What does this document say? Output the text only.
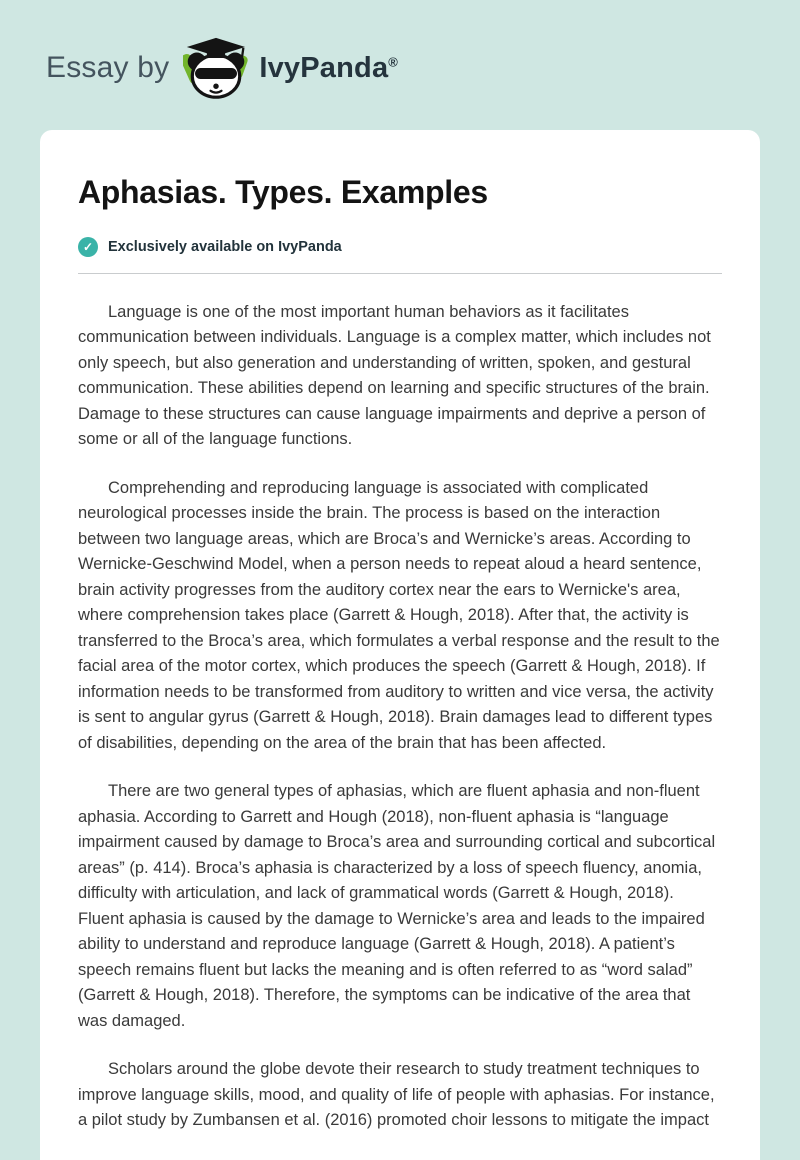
Essay by	IvyPanda®
Aphasias. Types. Examples
✓	Exclusively available on IvyPanda

Language is one of the most important human behaviors as it facilitates communication between individuals. Language is a complex matter, which includes not only speech, but also generation and understanding of written, spoken, and gestural communication. These abilities depend on learning and specific structures of the brain. Damage to these structures can cause language impairments and deprive a person of some or all of the language functions.

Comprehending and reproducing language is associated with complicated neurological processes inside the brain. The process is based on the interaction between two language areas, which are Broca’s and Wernicke’s areas. According to Wernicke-Geschwind Model, when a person needs to repeat aloud a heard sentence, brain activity progresses from the auditory cortex near the ears to Wernicke's area, where comprehension takes place (Garrett & Hough, 2018). After that, the activity is transferred to the Broca’s area, which formulates a verbal response and the result to the facial area of the motor cortex, which produces the speech (Garrett & Hough, 2018). If information needs to be transformed from auditory to written and vice versa, the activity is sent to angular gyrus (Garrett & Hough, 2018). Brain damages lead to different types of disabilities, depending on the area of the brain that has been affected.

There are two general types of aphasias, which are fluent aphasia and non-fluent aphasia. According to Garrett and Hough (2018), non-fluent aphasia is “language impairment caused by damage to Broca’s area and surrounding cortical and subcortical areas” (p. 414). Broca’s aphasia is characterized by a loss of speech fluency, anomia, difficulty with articulation, and lack of grammatical words (Garrett & Hough, 2018). Fluent aphasia is caused by the damage to Wernicke’s area and leads to the impaired ability to understand and reproduce language (Garrett & Hough, 2018). A patient’s speech remains fluent but lacks the meaning and is often referred to as “word salad” (Garrett & Hough, 2018). Therefore, the symptoms can be indicative of the area that was damaged.

Scholars around the globe devote their research to study treatment techniques to improve language skills, mood, and quality of life of people with aphasias. For instance, a pilot study by Zumbansen et al. (2016) promoted choir lessons to mitigate the impact
